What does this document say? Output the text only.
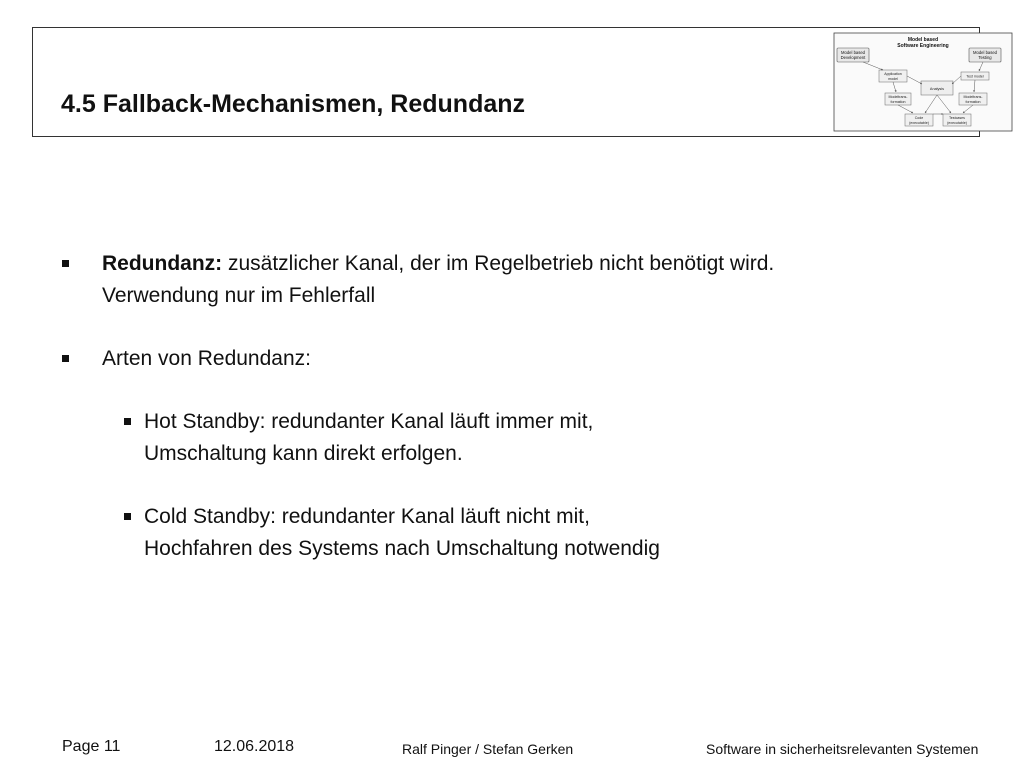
4.5 Fallback-Mechanismen, Redundanz
Model based
Software Engineering
Model based
Development
Model based
Testing
Application
model
Test model
Analysis
Modeltrans-
formation
Modeltrans-
formation
Code
(executable)
Testcases
(executable)
Redundanz: zusätzlicher Kanal, der im Regelbetrieb nicht benötigt wird.
Verwendung nur im Fehlerfall
Arten von Redundanz:
Hot Standby: redundanter Kanal läuft immer mit,
Umschaltung kann direkt erfolgen.
Cold Standby: redundanter Kanal läuft nicht mit,
Hochfahren des Systems nach Umschaltung notwendig
Page 11	12.06.2018	Ralf Pinger / Stefan Gerken	Software in sicherheitsrelevanten Systemen
